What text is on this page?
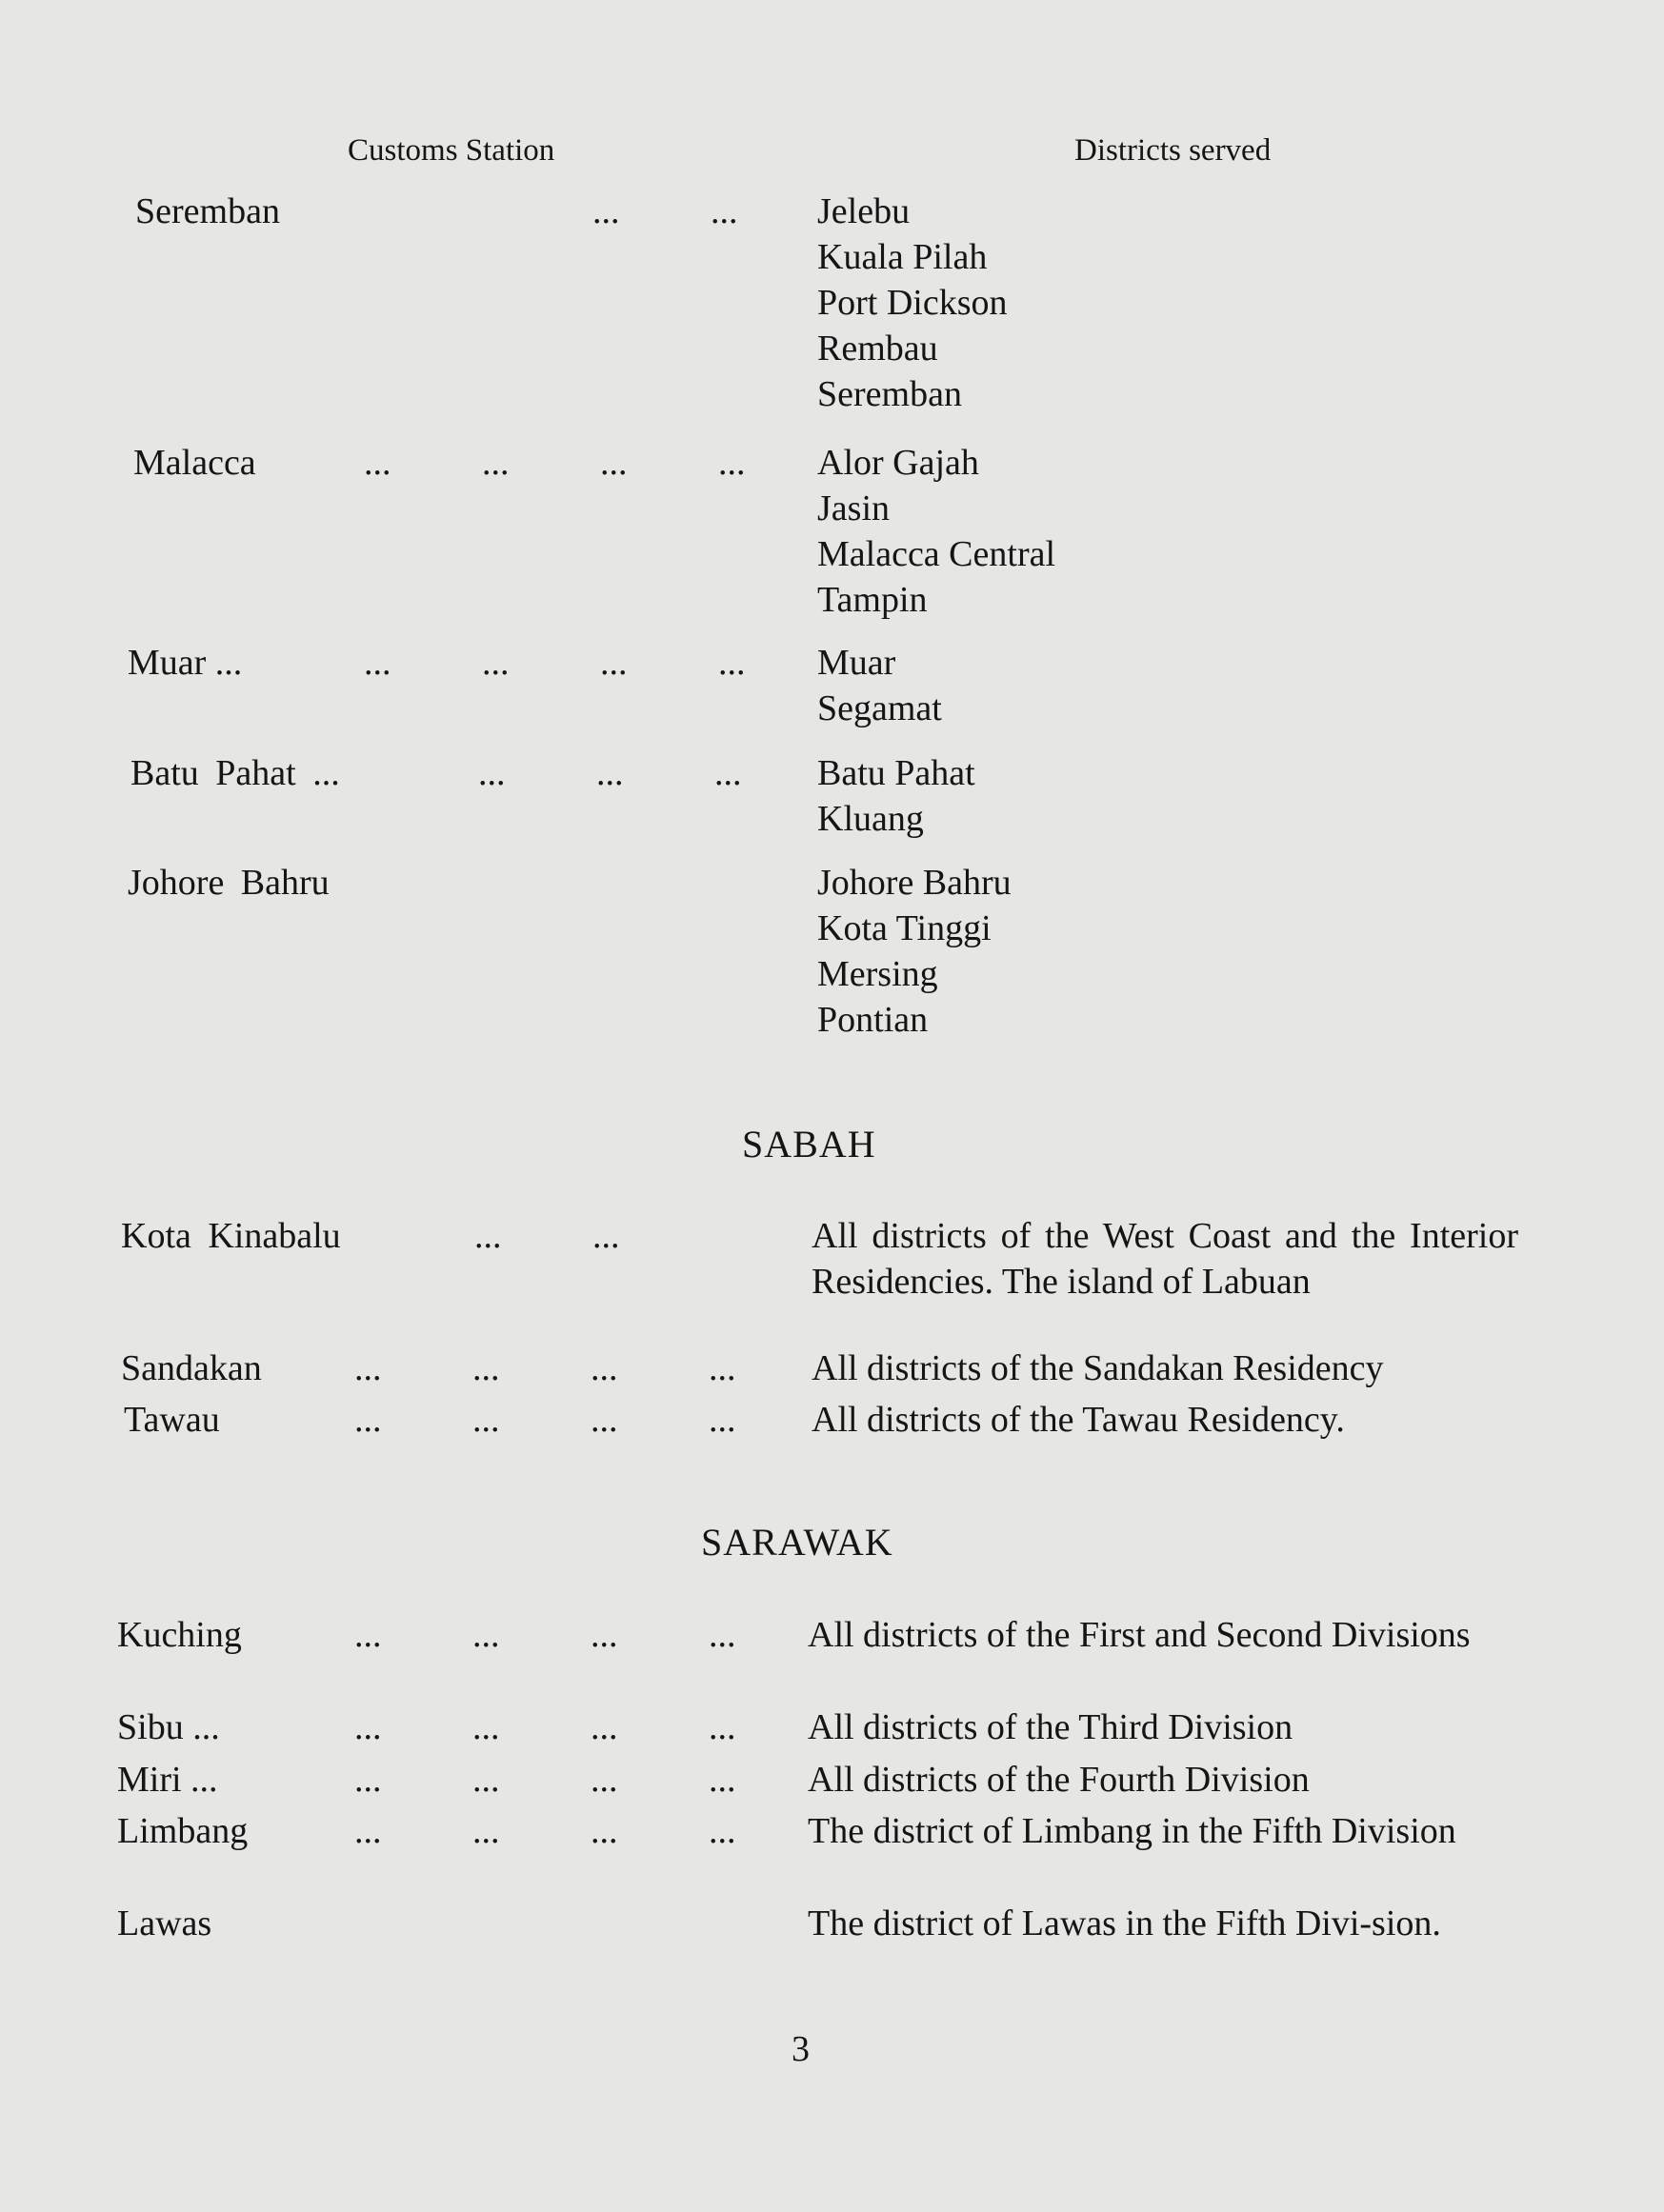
Customs Station	Districts served
Seremban	... ... Jelebu
Kuala Pilah
Port Dickson
Rembau
Seremban
Malacca	... ... ... ... Alor Gajah
Jasin
Malacca Central
Tampin
Muar ...	... ... ... ... Muar
Segamat
Batu Pahat ...	... ... ... Batu Pahat
Kluang
Johore Bahru	Johore Bahru
Kota Tinggi
Mersing
Pontian
SABAH
Kota Kinabalu	... ...	All districts of the West Coast and the Interior Residencies. The island of Labuan

Sandakan	... ... ... ... All districts of the Sandakan Residency

Tawau	... ... ... ... All districts of the Tawau Residency.

SARAWAK
Kuching	... ... ... ... All districts of the First and Second Divisions

Sibu ...	... ... ... ... All districts of the Third Division

Miri ...	... ... ... ... All districts of the Fourth Division

Limbang	... ... ... ... The district of Limbang in the Fifth Division

Lawas	The district of Lawas in the Fifth Divi-sion.

3
